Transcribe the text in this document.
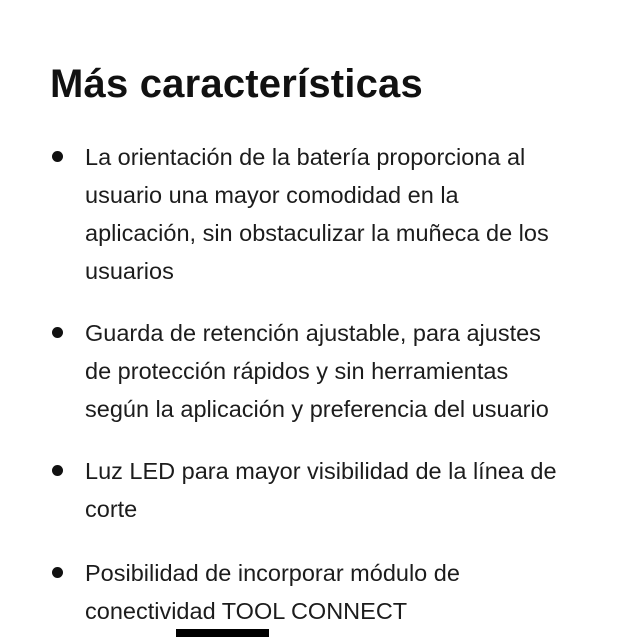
Más características
La orientación de la batería proporciona al
usuario una mayor comodidad en la
aplicación, sin obstaculizar la muñeca de los
usuarios
Guarda de retención ajustable, para ajustes
de protección rápidos y sin herramientas
según la aplicación y preferencia del usuario
Luz LED para mayor visibilidad de la línea de
corte
Posibilidad de incorporar módulo de
conectividad TOOL CONNECT
